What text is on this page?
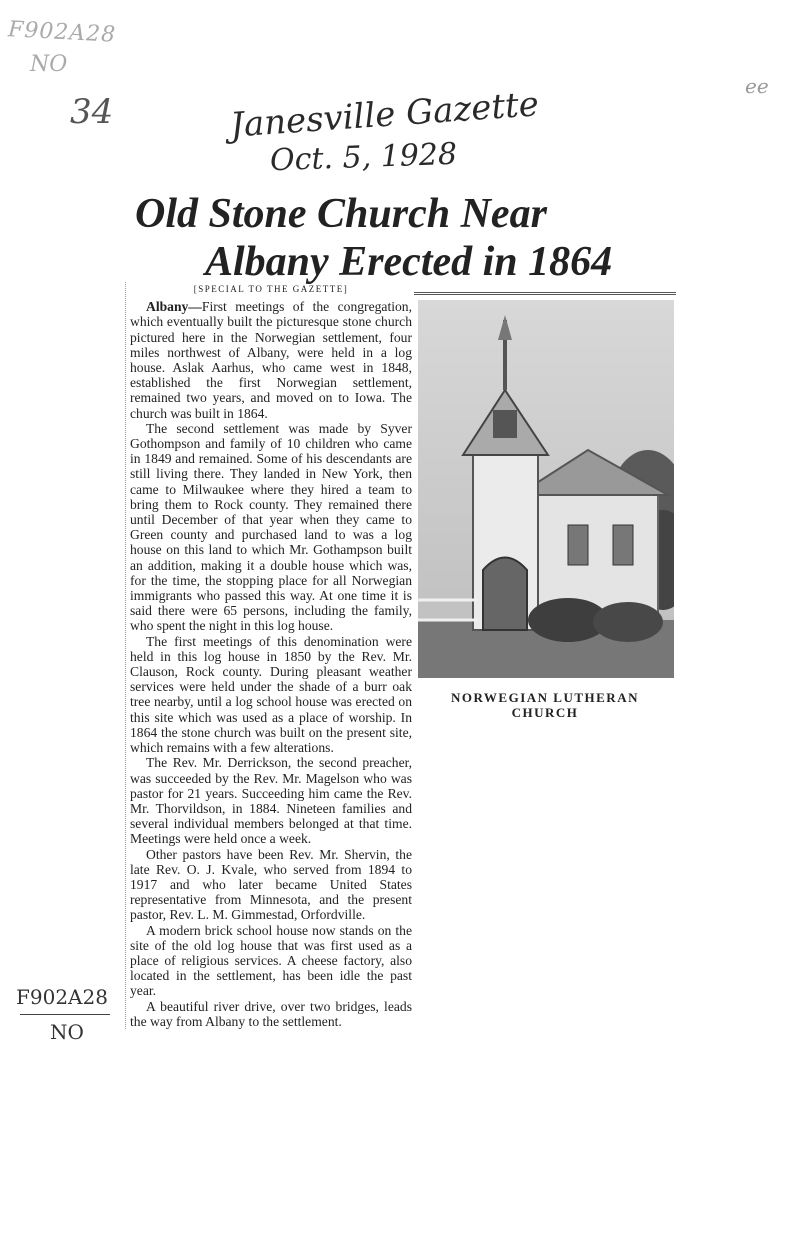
F902A28
NO
34	Janesville Gazette
Oct. 5, 1928
ee
Old Stone Church Near
Albany Erected in 1864
[SPECIAL TO THE GAZETTE]

Albany—First meetings of the congregation, which eventually built the picturesque stone church pictured here in the Norwegian settlement, four miles northwest of Albany, were held in a log house. Aslak Aarhus, who came west in 1848, established the first Norwegian settlement, remained two years, and moved on to Iowa. The church was built in 1864.

The second settlement was made by Syver Gothompson and family of 10 children who came in 1849 and remained. Some of his descendants are still living there. They landed in New York, then came to Milwaukee where they hired a team to bring them to Rock county. They remained there until December of that year when they came to Green county and purchased land to was a log house on this land to which Mr. Gothampson built an addition, making it a double house which was, for the time, the stopping place for all Norwegian immigrants who passed this way. At one time it is said there were 65 persons, including the family, who spent the night in this log house.

The first meetings of this denomination were held in this log house in 1850 by the Rev. Mr. Clauson, Rock county. During pleasant weather services were held under the shade of a burr oak tree nearby, until a log school house was erected on this site which was used as a place of worship. In 1864 the stone church was built on the present site, which remains with a few alterations.

The Rev. Mr. Derrickson, the second preacher, was succeeded by the Rev. Mr. Magelson who was pastor for 21 years. Succeeding him came the Rev. Mr. Thorvildson, in 1884. Nineteen families and several individual members belonged at that time. Meetings were held once a week.

Other pastors have been Rev. Mr. Shervin, the late Rev. O. J. Kvale, who served from 1894 to 1917 and who later became United States representative from Minnesota, and the present pastor, Rev. L. M. Gimmestad, Orfordville.

A modern brick school house now stands on the site of the old log house that was first used as a place of religious services. A cheese factory, also located in the settlement, has been idle the past year.

A beautiful river drive, over two bridges, leads the way from Albany to the settlement.

NORWEGIAN LUTHERAN
CHURCH
F902A28
NO
